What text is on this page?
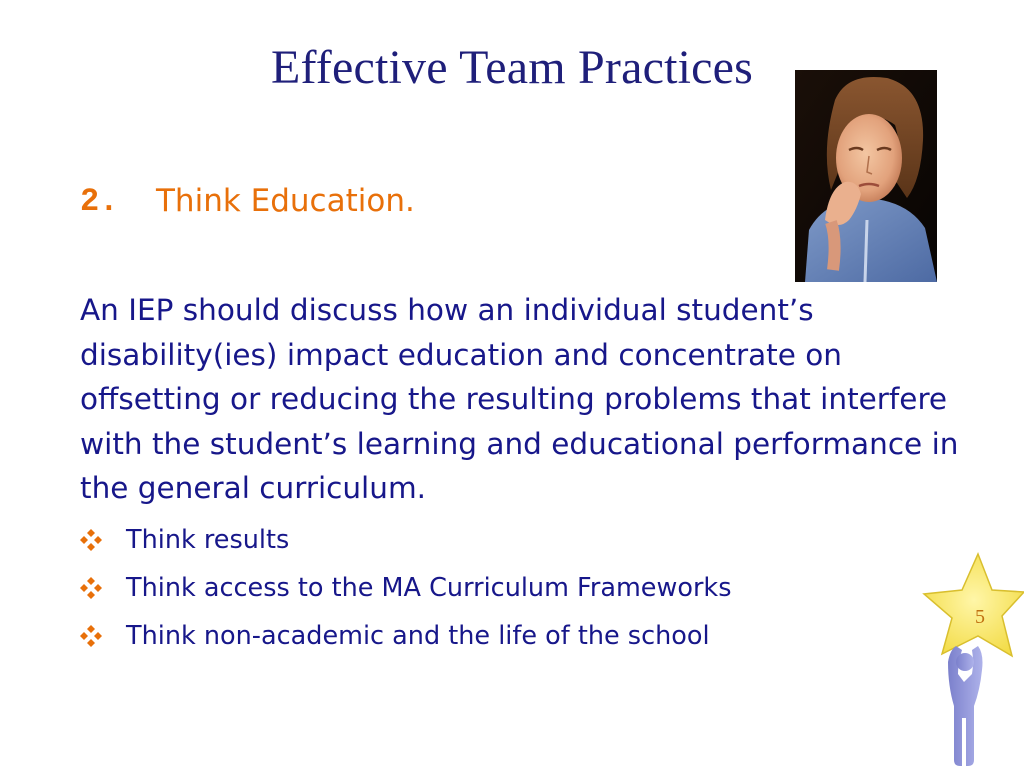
Effective Team Practices
2.	Think Education.

An IEP should discuss how an individual student’s disability(ies) impact education and concentrate on offsetting or reducing the resulting problems that interfere with the student’s learning and educational performance in the general curriculum.

Think results
Think access to the MA Curriculum Frameworks
Think non-academic and the life of the school
5
